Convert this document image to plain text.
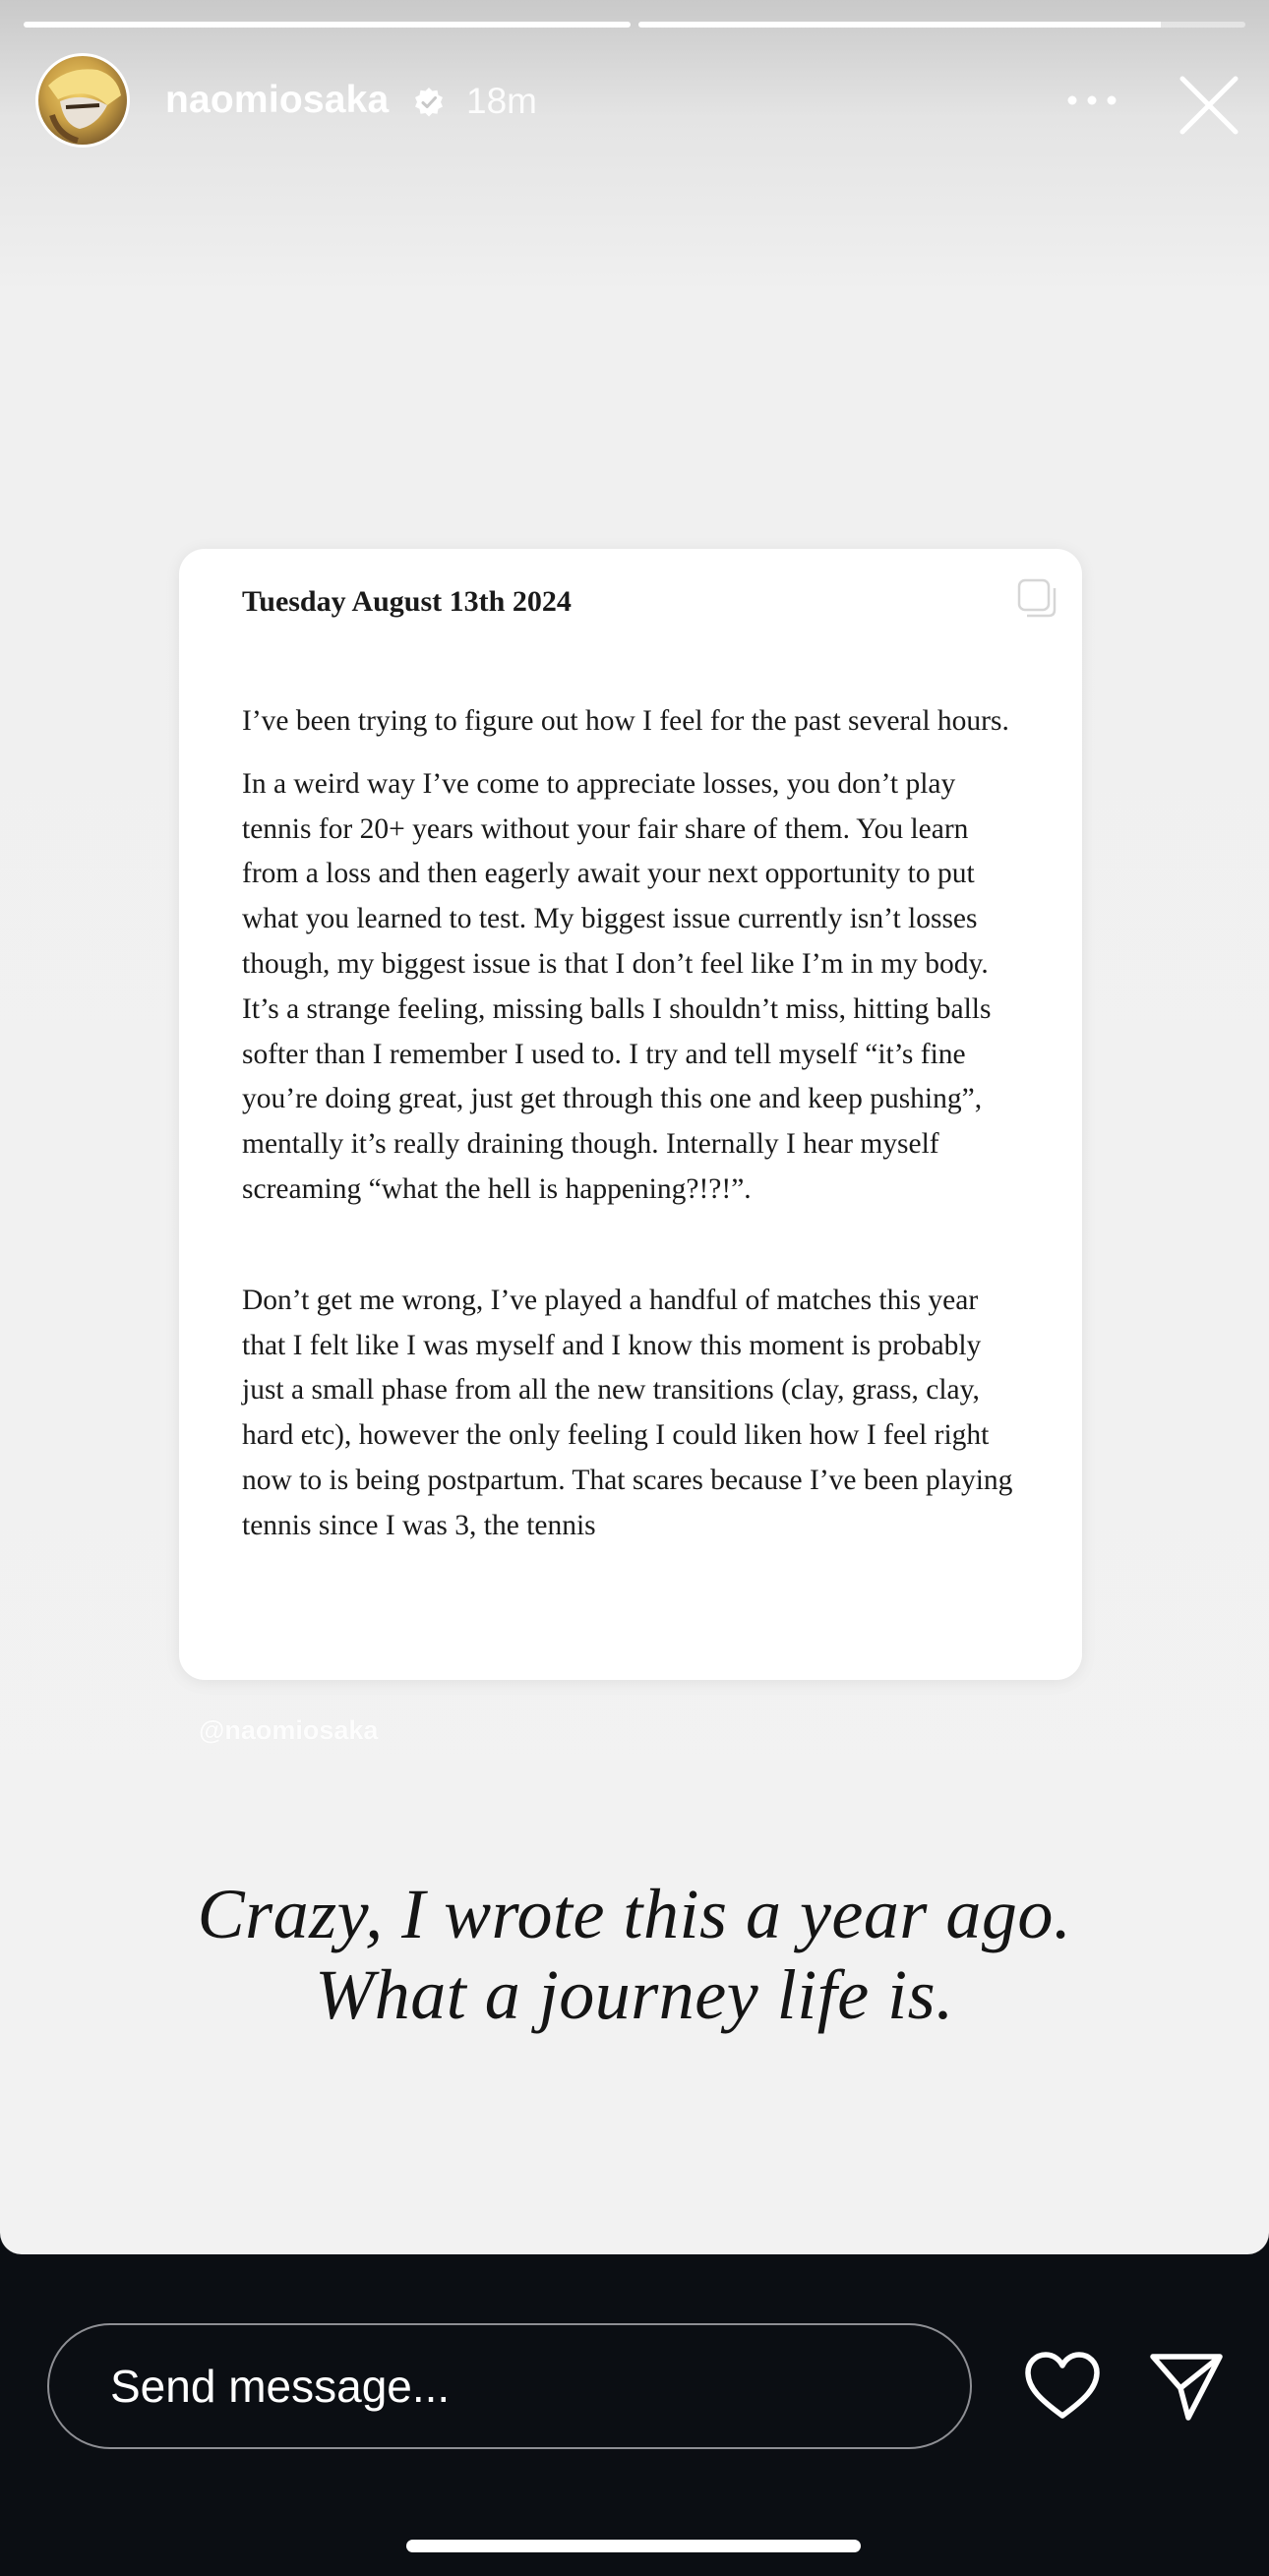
naomiosaka 18m
Tuesday August 13th 2024

I’ve been trying to figure out how I feel for the past several hours.

In a weird way I’ve come to appreciate losses, you don’t play tennis for 20+ years without your fair share of them. You learn from a loss and then eagerly await your next opportunity to put what you learned to test. My biggest issue currently isn’t losses though, my biggest issue is that I don’t feel like I’m in my body. It’s a strange feeling, missing balls I shouldn’t miss, hitting balls softer than I remember I used to. I try and tell myself “it’s fine you’re doing great, just get through this one and keep pushing”, mentally it’s really draining though. Internally I hear myself screaming “what the hell is happening?!?!”.

Don’t get me wrong, I’ve played a handful of matches this year that I felt like I was myself and I know this moment is probably just a small phase from all the new transitions (clay, grass, clay, hard etc), however the only feeling I could liken how I feel right now to is being postpartum. That scares because I’ve been playing tennis since I was 3, the tennis

@naomiosaka
Crazy, I wrote this a year ago.
What a journey life is.
Send message...
